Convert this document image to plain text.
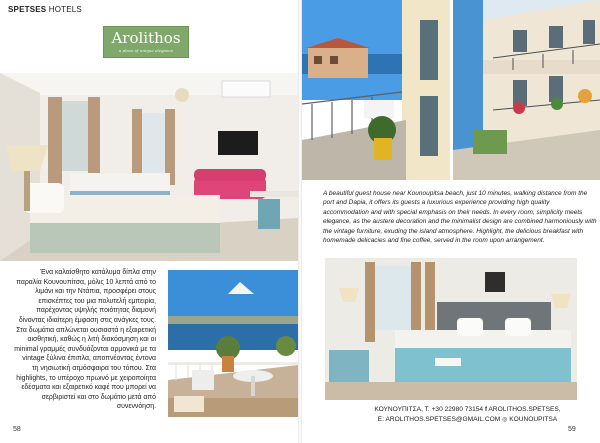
SPETSES HOTELS
Arolithos
a place of unique elegance

Ένα καλαίσθητο κατάλυμα δίπλα στην παραλία Κουνουπίτσα, μόλις 10 λεπτά από το λιμάνι και την Ντάπια, προσφέρει στους επισκέπτες του μια πολυτελή εμπειρία, παρέχοντας υψηλής ποιότητας διαμονή δίνοντας ιδιαίτερη έμφαση στις ανάγκες τους. Στα δωμάτια απλώνεται ουσιαστά η εξαιρετική αισθητική, καθώς η λιτή διακόσμηση και οι minimal γραμμές συνδυάζονται αρμονικά με τα vintage ξύλινα έπιπλα, αποπνέοντας έντονα τη νησιωτική ατμόσφαιρα του τόπου. Στα highlights, το υπέροχο πρωινό με χειροποίητα εδέσματα και εξαιρετικό καφέ που μπορεί να σερβιριστεί και στο δωμάτιο μετά από συνεννόηση.

58

A beautiful guest house near Kounoupitsa beach, just 10 minutes, walking distance from the port and Dapia, it offers its guests a luxurious experience providing high quality accommodation and with special emphasis on their needs. In every room, simplicity meets elegance, as the austere decoration and the minimalist design are combined harmoniously with the vintage furniture, exuding the island atmosphere. Highlight, the delicious breakfast with homemade delicacies and fine coffee, served in the room upon arrangement.

ΚΟΥΝΟΥΠΙΤΣΑ, Τ. +30 22980 73154 f AROLITHOS.SPETSES,
E: AROLITHOS.SPETSES@GMAIL.COM ◎ KOUNOUPITSA
59
